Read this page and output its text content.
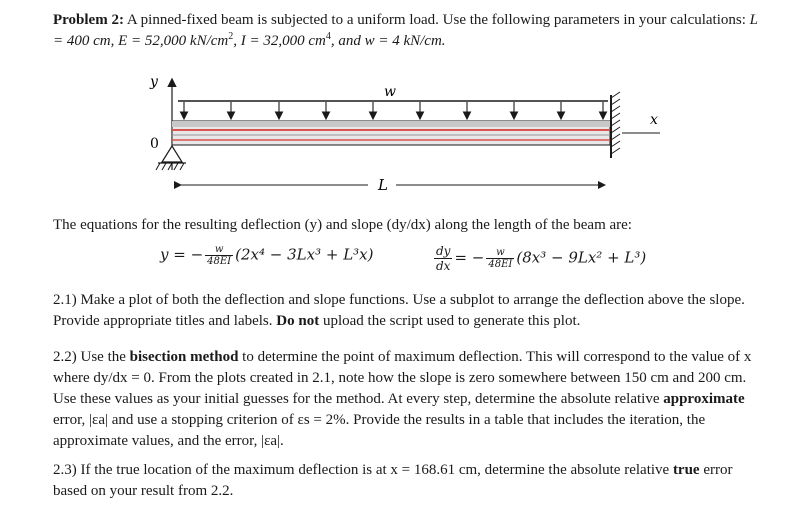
Problem 2: A pinned-fixed beam is subjected to a uniform load. Use the following parameters in your calculations: L = 400 cm, E = 52,000 $kN/cm^2$, I = 32,000 $cm^4$, and w = 4 kN/cm.
y
0
w
x
L
The equations for the resulting deflection (y) and slope (dy/dx) along the length of the beam are:
y = − $\frac{w}{48EI} (2x^4 - 3Lx^3 + L^3x)$	$\frac{dy}{dx}$ = − $\frac{w}{48EI} (8x^3 - 9Lx^2 + L^3)$
2.1) Make a plot of both the deflection and slope functions. Use a subplot to arrange the deflection above the slope. Provide appropriate titles and labels. Do not upload the script used to generate this plot.
2.2) Use the bisection method to determine the point of maximum deflection. This will correspond to the value of x where dy/dx = 0. From the plots created in 2.1, note how the slope is zero somewhere between 150 cm and 200 cm. Use these values as your initial guesses for the method. At every step, determine the absolute relative approximate error, |εa| and use a stopping criterion of εs = 2%. Provide the results in a table that includes the iteration, the approximate values, and the error, |εa|.
2.3) If the true location of the maximum deflection is at x = 168.61 cm, determine the absolute relative true error based on your result from 2.2.
